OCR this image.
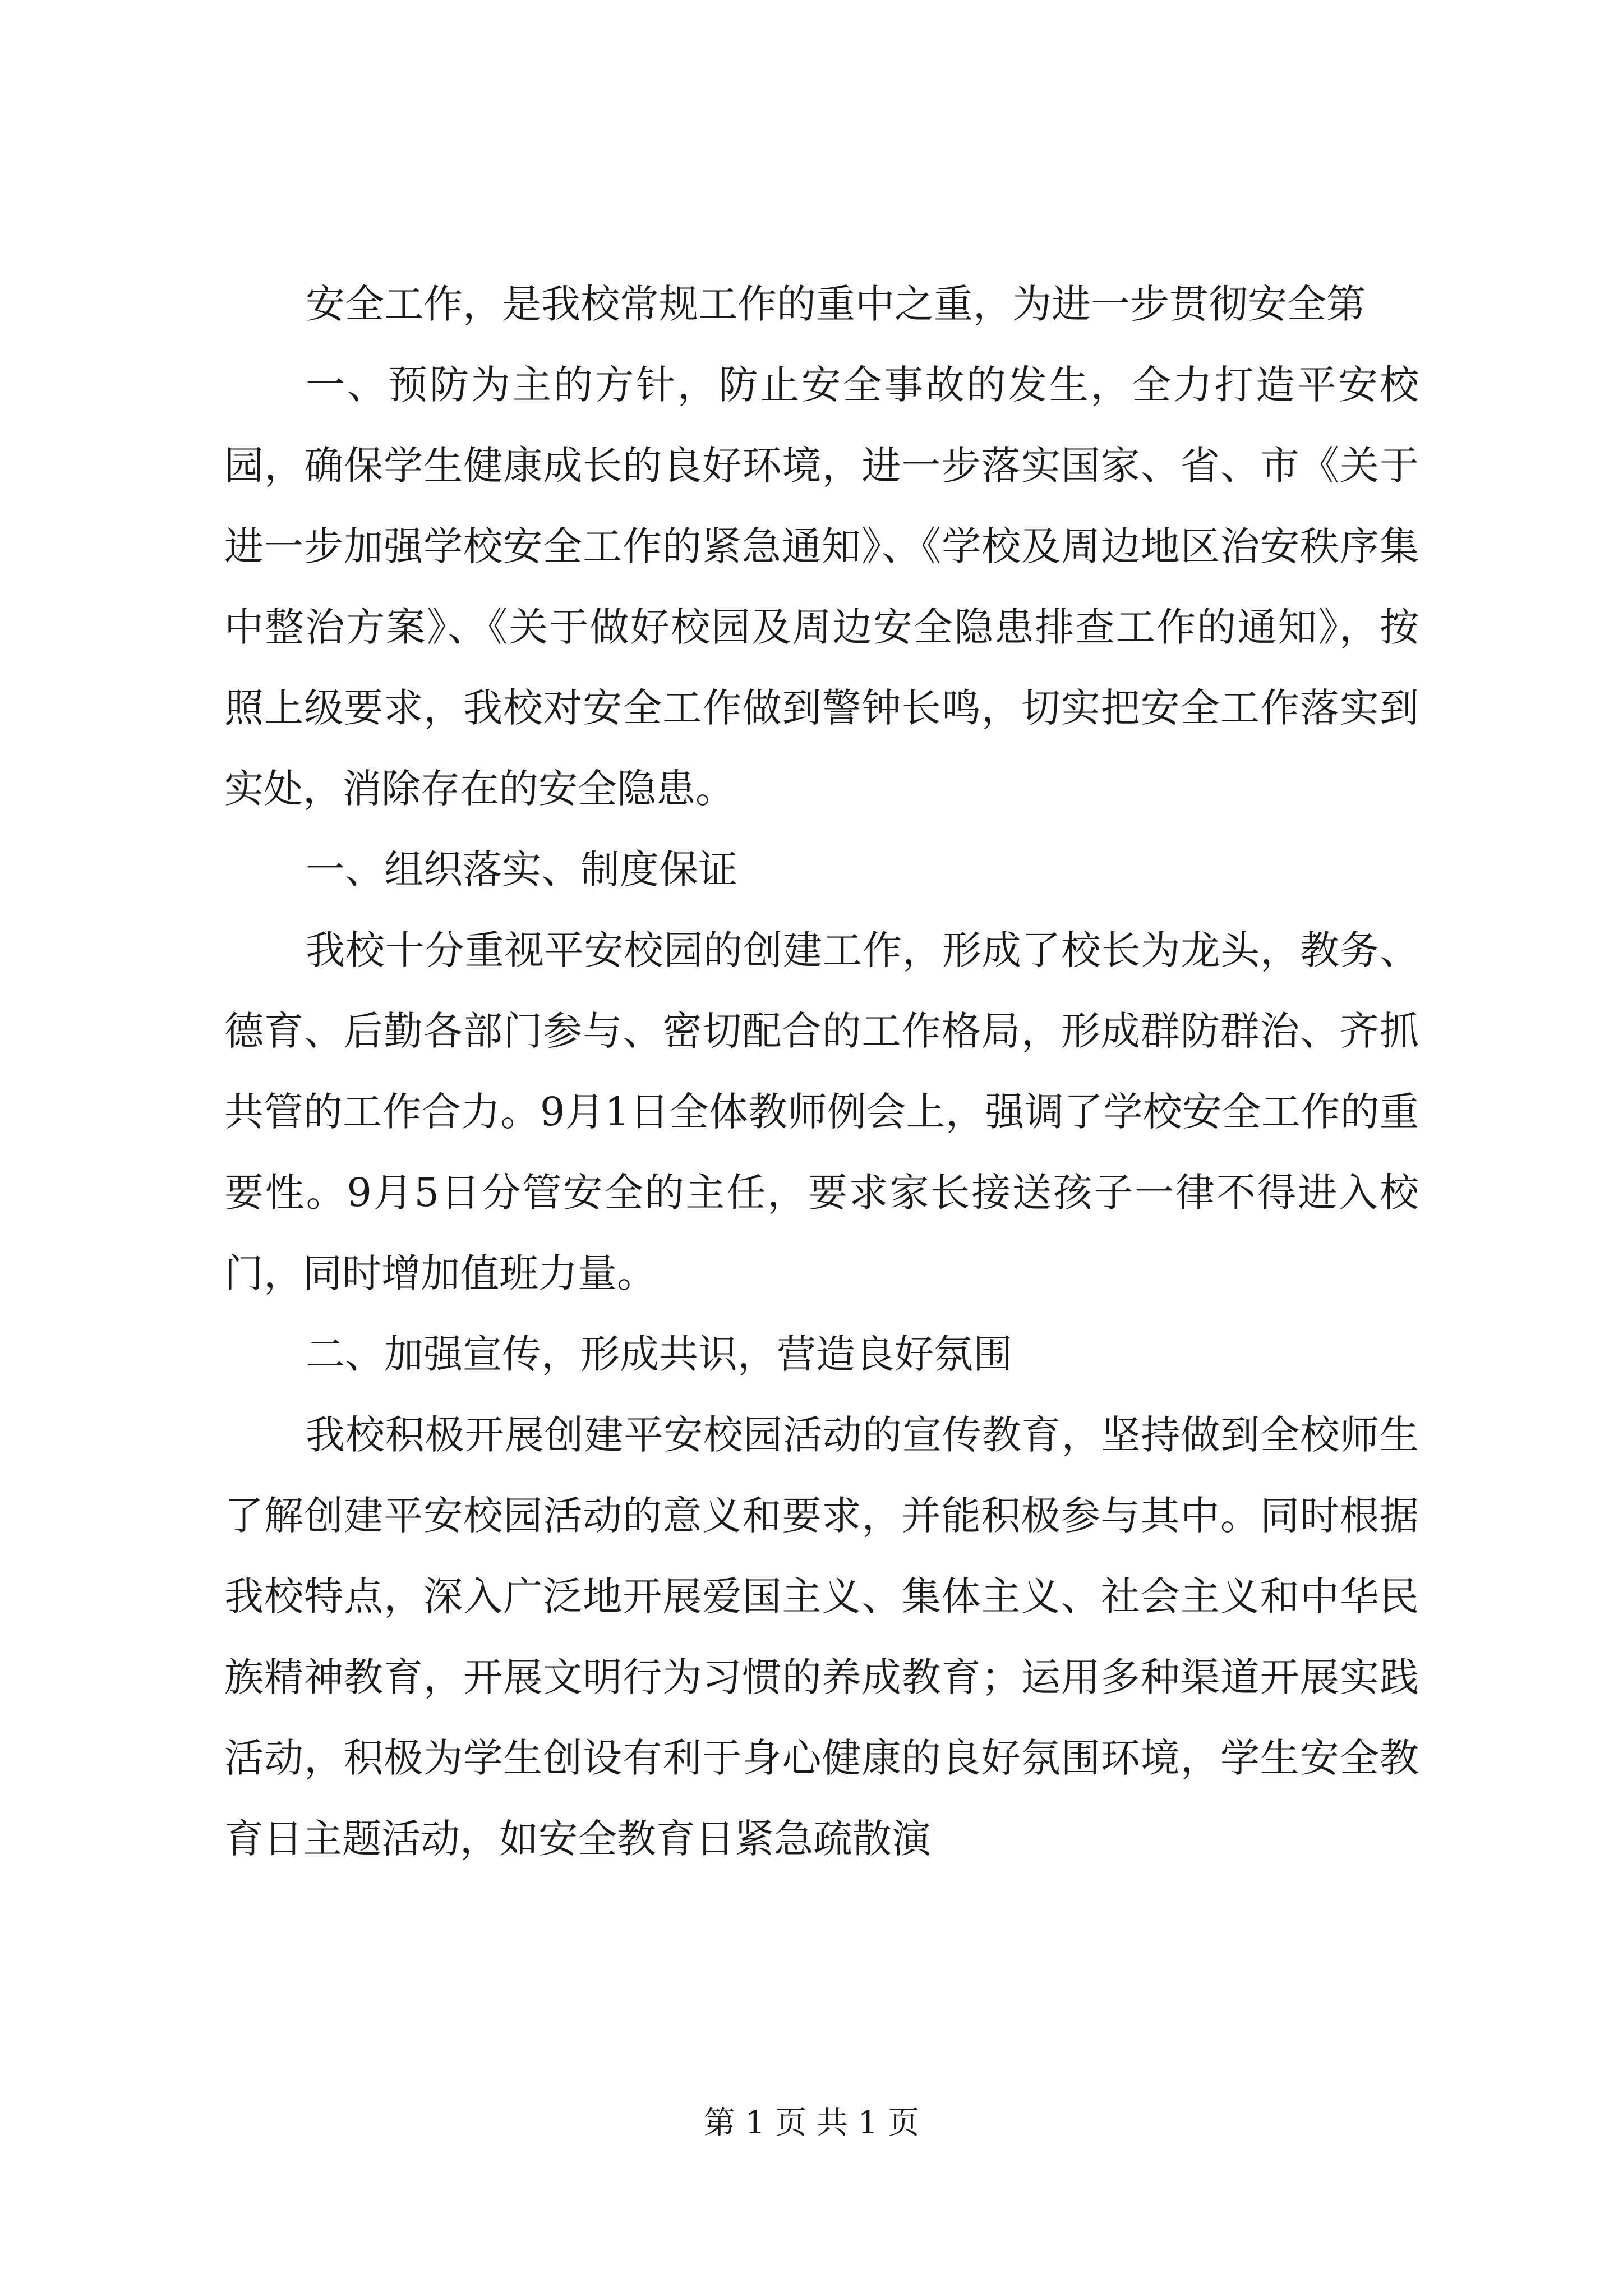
安全工作，是我校常规工作的重中之重，为进一步贯彻安全第

一、预防为主的方针，防止安全事故的发生，全力打造平安校园，确保学生健康成长的良好环境，进一步落实国家、省、市《关于进一步加强学校安全工作的紧急通知》、《学校及周边地区治安秩序集中整治方案》、《关于做好校园及周边安全隐患排查工作的通知》，按照上级要求，我校对安全工作做到警钟长鸣，切实把安全工作落实到实处，消除存在的安全隐患。

一、组织落实、制度保证

我校十分重视平安校园的创建工作，形成了校长为龙头，教务、德育、后勤各部门参与、密切配合的工作格局，形成群防群治、齐抓共管的工作合力。9月1日全体教师例会上，强调了学校安全工作的重要性。9月5日分管安全的主任，要求家长接送孩子一律不得进入校门，同时增加值班力量。

二、加强宣传，形成共识，营造良好氛围

我校积极开展创建平安校园活动的宣传教育，坚持做到全校师生了解创建平安校园活动的意义和要求，并能积极参与其中。同时根据我校特点，深入广泛地开展爱国主义、集体主义、社会主义和中华民族精神教育，开展文明行为习惯的养成教育；运用多种渠道开展实践活动，积极为学生创设有利于身心健康的良好氛围环境，学生安全教育日主题活动，如安全教育日紧急疏散演

第 1 页 共 1 页
